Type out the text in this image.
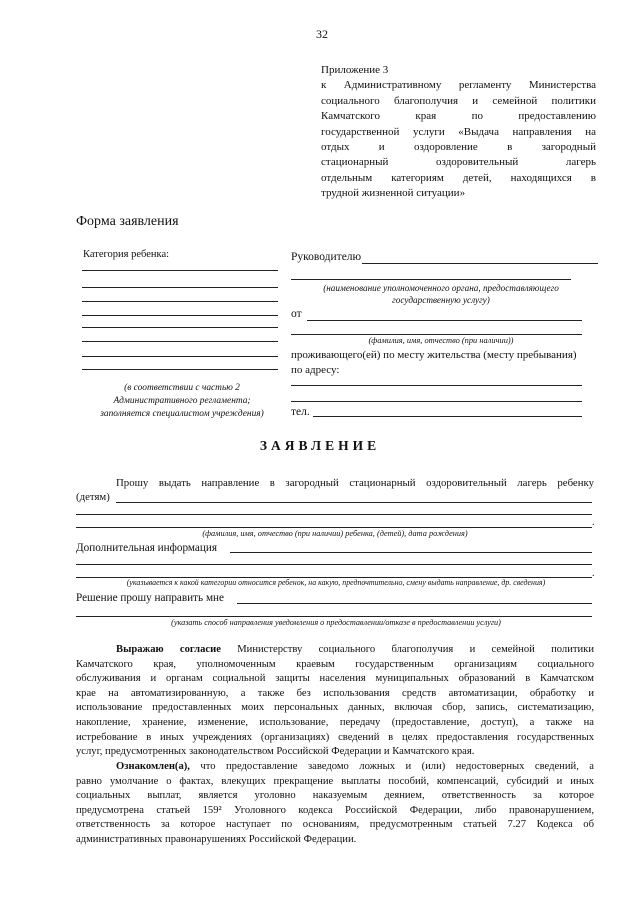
32
Приложение 3
к Административному регламенту Министерства
социального благополучия и семейной политики
Камчатского	края	по	предоставлению
государственной услуги «Выдача направления на
отдых	и	оздоровление	в	загородный
стационарный	оздоровительный	лагерь
отдельным категориям детей, находящихся в
трудной жизненной ситуации»
Форма заявления
Категория ребенка:
(в соответствии с частью 2
Административного регламента;
заполняется специалистом учреждения)
Руководителю
(наименование уполномоченного органа, предоставляющего
государственную услугу)
от
(фамилия, имя, отчество (при наличии))
проживающего(ей) по месту жительства (месту пребывания)
по адресу:
тел.
ЗАЯВЛЕНИЕ
Прошу выдать направление в загородный стационарный оздоровительный лагерь ребенку
(детям)
.
(фамилия, имя, отчество (при наличии) ребенка, (детей), дата рождения)
Дополнительная информация
.
(указывается к какой категории относится ребенок, на какую, предпочтительно, смену выдать направление, др. сведения)
Решение прошу направить мне
(указать способ направления уведомления о предоставлении/отказе в предоставлении услуги)
Выражаю согласие Министерству социального благополучия и семейной политики
Камчатского края, уполномоченным краевым государственным организациям социального
обслуживания и органам социальной защиты населения муниципальных образований в Камчатском
крае на автоматизированную, а также без использования средств автоматизации, обработку и
использование предоставленных моих персональных данных, включая сбор, запись, систематизацию,
накопление, хранение, изменение, использование, передачу (предоставление, доступ), а также на
истребование в иных учреждениях (организациях) сведений в целях предоставления государственных
услуг, предусмотренных законодательством Российской Федерации и Камчатского края.
Ознакомлен(а), что предоставление заведомо ложных и (или) недостоверных сведений, а
равно умолчание о фактах, влекущих прекращение выплаты пособий, компенсаций, субсидий и иных
социальных выплат, является уголовно наказуемым деянием, ответственность за которое
предусмотрена статьей 159² Уголовного кодекса Российской Федерации, либо правонарушением,
ответственность за которое наступает по основаниям, предусмотренным статьей 7.27 Кодекса об
административных правонарушениях Российской Федерации.
